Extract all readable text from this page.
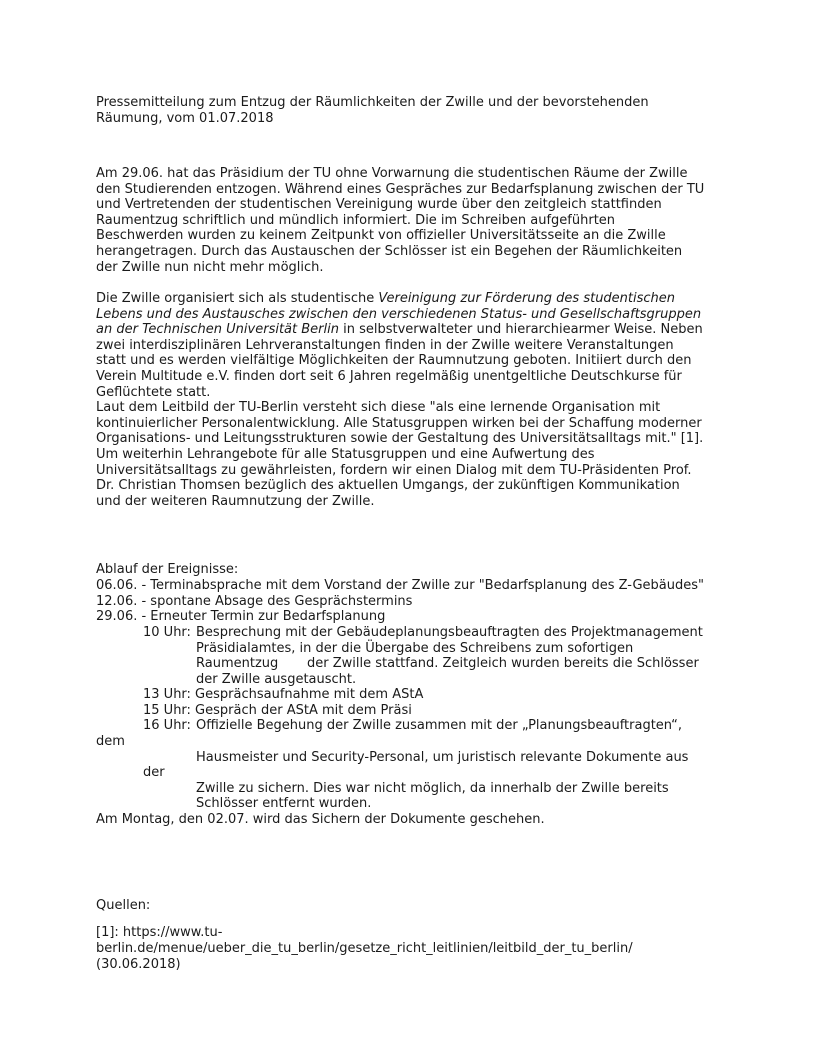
Pressemitteilung zum Entzug der Räumlichkeiten der Zwille und der bevorstehenden
Räumung, vom 01.07.2018
Am 29.06. hat das Präsidium der TU ohne Vorwarnung die studentischen Räume der Zwille
den Studierenden entzogen. Während eines Gespräches zur Bedarfsplanung zwischen der TU
und Vertretenden der studentischen Vereinigung wurde über den zeitgleich stattfinden
Raumentzug schriftlich und mündlich informiert. Die im Schreiben aufgeführten
Beschwerden wurden zu keinem Zeitpunkt von offizieller Universitätsseite an die Zwille
herangetragen. Durch das Austauschen der Schlösser ist ein Begehen der Räumlichkeiten
der Zwille nun nicht mehr möglich.
Die Zwille organisiert sich als studentische Vereinigung zur Förderung des studentischen
Lebens und des Austausches zwischen den verschiedenen Status- und Gesellschaftsgruppen
an der Technischen Universität Berlin in selbstverwalteter und hierarchiearmer Weise. Neben
zwei interdisziplinären Lehrveranstaltungen finden in der Zwille weitere Veranstaltungen
statt und es werden vielfältige Möglichkeiten der Raumnutzung geboten. Initiiert durch den
Verein Multitude e.V. finden dort seit 6 Jahren regelmäßig unentgeltliche Deutschkurse für
Geflüchtete statt.
Laut dem Leitbild der TU-Berlin versteht sich diese "als eine lernende Organisation mit
kontinuierlicher Personalentwicklung. Alle Statusgruppen wirken bei der Schaffung moderner
Organisations- und Leitungsstrukturen sowie der Gestaltung des Universitätsalltags mit." [1].
Um weiterhin Lehrangebote für alle Statusgruppen und eine Aufwertung des
Universitätsalltags zu gewährleisten, fordern wir einen Dialog mit dem TU-Präsidenten Prof.
Dr. Christian Thomsen bezüglich des aktuellen Umgangs, der zukünftigen Kommunikation
und der weiteren Raumnutzung der Zwille.
Ablauf der Ereignisse:
06.06. - Terminabsprache mit dem Vorstand der Zwille zur "Bedarfsplanung des Z-Gebäudes"
12.06. - spontane Absage des Gesprächstermins
29.06. - Erneuter Termin zur Bedarfsplanung
10 Uhr: Besprechung mit der Gebäudeplanungsbeauftragten des Projektmanagement
Präsidialamtes, in der die Übergabe des Schreibens zum sofortigen
Raumentzug der Zwille stattfand. Zeitgleich wurden bereits die Schlösser
der Zwille ausgetauscht.
13 Uhr: Gesprächsaufnahme mit dem AStA
15 Uhr: Gespräch der AStA mit dem Präsi
16 Uhr: Offizielle Begehung der Zwille zusammen mit der „Planungsbeauftragten“,
dem
Hausmeister und Security-Personal, um juristisch relevante Dokumente aus
der
Zwille zu sichern. Dies war nicht möglich, da innerhalb der Zwille bereits
Schlösser entfernt wurden.
Am Montag, den 02.07. wird das Sichern der Dokumente geschehen.
Quellen:
[1]: https://www.tu-
berlin.de/menue/ueber_die_tu_berlin/gesetze_richt_leitlinien/leitbild_der_tu_berlin/
(30.06.2018)
